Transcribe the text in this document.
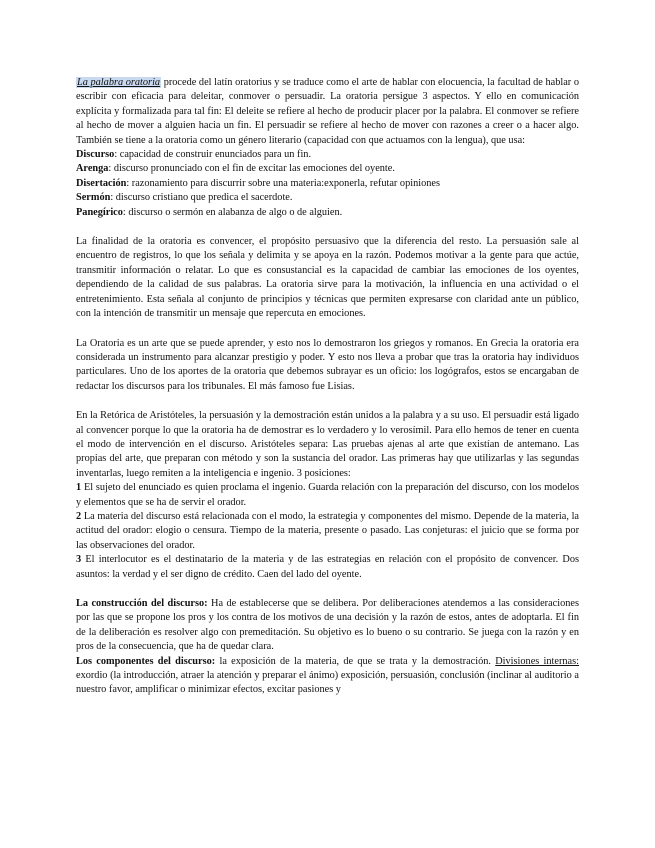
La palabra oratoria procede del latín oratorius y se traduce como el arte de hablar con elocuencia, la facultad de hablar o escribir con eficacia para deleitar, conmover o persuadir. La oratoria persigue 3 aspectos. Y ello en comunicación explícita y formalizada para tal fin: El deleite se refiere al hecho de producir placer por la palabra. El conmover se refiere al hecho de mover a alguien hacia un fin. El persuadir se refiere al hecho de mover con razones a creer o a hacer algo. También se tiene a la oratoria como un género literario (capacidad con que actuamos con la lengua), que usa:

Discurso: capacidad de construir enunciados para un fin.

Arenga: discurso pronunciado con el fin de excitar las emociones del oyente.

Disertación: razonamiento para discurrir sobre una materia:exponerla, refutar opiniones

Sermón: discurso cristiano que predica el sacerdote.

Panegírico: discurso o sermón en alabanza de algo o de alguien.

La finalidad de la oratoria es convencer, el propósito persuasivo que la diferencia del resto. La persuasión sale al encuentro de registros, lo que los señala y delimita y se apoya en la razón. Podemos motivar a la gente para que actúe, transmitir información o relatar. Lo que es consustancial es la capacidad de cambiar las emociones de los oyentes, dependiendo de la calidad de sus palabras. La oratoria sirve para la motivación, la influencia en una actividad o el entretenimiento. Esta señala al conjunto de principios y técnicas que permiten expresarse con claridad ante un público, con la intención de transmitir un mensaje que repercuta en emociones.

La Oratoria es un arte que se puede aprender, y esto nos lo demostraron los griegos y romanos. En Grecia la oratoria era considerada un instrumento para alcanzar prestigio y poder. Y esto nos lleva a probar que tras la oratoria hay individuos particulares. Uno de los aportes de la oratoria que debemos subrayar es un oficio: los logógrafos, estos se encargaban de redactar los discursos para los tribunales. El más famoso fue Lisias.

En la Retórica de Aristóteles, la persuasión y la demostración están unidos a la palabra y a su uso. El persuadir está ligado al convencer porque lo que la oratoria ha de demostrar es lo verdadero y lo verosímil. Para ello hemos de tener en cuenta el modo de intervención en el discurso. Aristóteles separa: Las pruebas ajenas al arte que existían de antemano. Las propias del arte, que preparan con método y son la sustancia del orador. Las primeras hay que utilizarlas y las segundas inventarlas, luego remiten a la inteligencia e ingenio. 3 posiciones:

1 El sujeto del enunciado es quien proclama el ingenio. Guarda relación con la preparación del discurso, con los modelos y elementos que se ha de servir el orador.

2 La materia del discurso está relacionada con el modo, la estrategia y componentes del mismo. Depende de la materia, la actitud del orador: elogio o censura. Tiempo de la materia, presente o pasado. Las conjeturas: el juicio que se forma por las observaciones del orador.

3 El interlocutor es el destinatario de la materia y de las estrategias en relación con el propósito de convencer. Dos asuntos: la verdad y el ser digno de crédito. Caen del lado del oyente.

La construcción del discurso: Ha de establecerse que se delibera. Por deliberaciones atendemos a las consideraciones por las que se propone los pros y los contra de los motivos de una decisión y la razón de estos, antes de adoptarla. El fin de la deliberación es resolver algo con premeditación. Su objetivo es lo bueno o su contrario. Se juega con la razón y en pros de la consecuencia, que ha de quedar clara.

Los componentes del discurso: la exposición de la materia, de que se trata y la demostración. Divisiones internas: exordio (la introducción, atraer la atención y preparar el ánimo) exposición, persuasión, conclusión (inclinar al auditorio a nuestro favor, amplificar o minimizar efectos, excitar pasiones y
